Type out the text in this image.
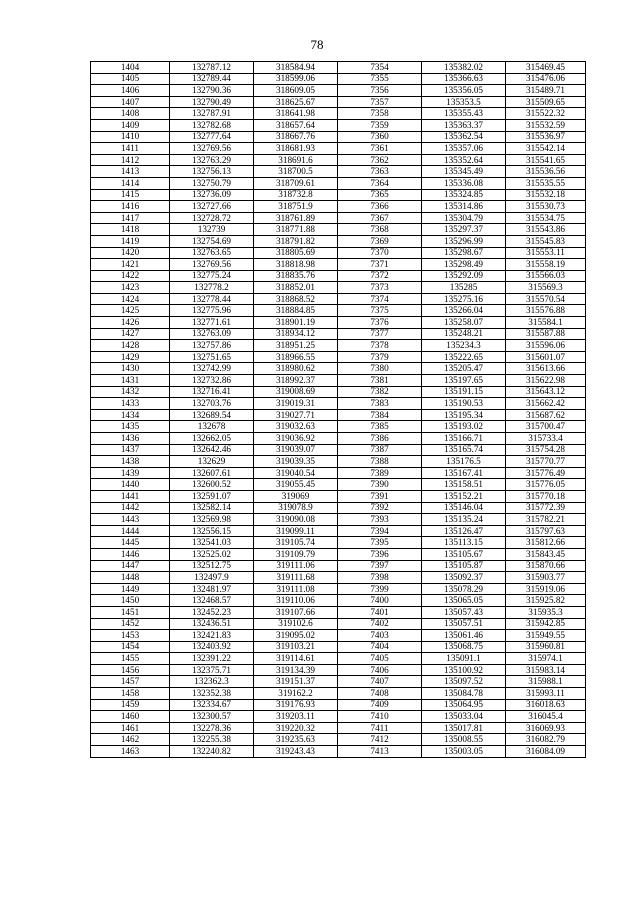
78
1404	132787.12	318584.94	7354	135382.02	315469.45
1405	132789.44	318599.06	7355	135366.63	315476.06
1406	132790.36	318609.05	7356	135356.05	315489.71
1407	132790.49	318625.67	7357	135353.5	315509.65
1408	132787.91	318641.98	7358	135355.43	315522.32
1409	132782.68	318657.64	7359	135363.37	315532.59
1410	132777.64	318667.76	7360	135362.54	315536.97
1411	132769.56	318681.93	7361	135357.06	315542.14
1412	132763.29	318691.6	7362	135352.64	315541.65
1413	132756.13	318700.5	7363	135345.49	315536.56
1414	132750.79	318709.61	7364	135336.08	315535.55
1415	132736.09	318732.8	7365	135324.85	315532.18
1416	132727.66	318751.9	7366	135314.86	315530.73
1417	132728.72	318761.89	7367	135304.79	315534.75
1418	132739	318771.88	7368	135297.37	315543.86
1419	132754.69	318791.82	7369	135296.99	315545.83
1420	132763.65	318805.69	7370	135298.67	315553.11
1421	132769.56	318818.98	7371	135298.49	315558.19
1422	132775.24	318835.76	7372	135292.09	315566.03
1423	132778.2	318852.01	7373	135285	315569.3
1424	132778.44	318868.52	7374	135275.16	315570.54
1425	132775.96	318884.85	7375	135266.04	315576.88
1426	132771.61	318901.19	7376	135258.07	315584.1
1427	132763.09	318934.12	7377	135248.21	315587.88
1428	132757.86	318951.25	7378	135234.3	315596.06
1429	132751.65	318966.55	7379	135222.65	315601.07
1430	132742.99	318980.62	7380	135205.47	315613.66
1431	132732.86	318992.37	7381	135197.65	315622.98
1432	132716.41	319008.69	7382	135191.15	315643.12
1433	132703.76	319019.31	7383	135190.53	315662.42
1434	132689.54	319027.71	7384	135195.34	315687.62
1435	132678	319032.63	7385	135193.02	315700.47
1436	132662.05	319036.92	7386	135166.71	315733.4
1437	132642.46	319039.07	7387	135165.74	315754.28
1438	132629	319039.35	7388	135176.5	315770.77
1439	132607.61	319040.54	7389	135167.41	315776.49
1440	132600.52	319055.45	7390	135158.51	315776.05
1441	132591.07	319069	7391	135152.21	315770.18
1442	132582.14	319078.9	7392	135146.04	315772.39
1443	132569.98	319090.08	7393	135135.24	315782.21
1444	132556.15	319099.11	7394	135126.47	315797.63
1445	132541.03	319105.74	7395	135113.15	315812.66
1446	132525.02	319109.79	7396	135105.67	315843.45
1447	132512.75	319111.06	7397	135105.87	315870.66
1448	132497.9	319111.68	7398	135092.37	315903.77
1449	132481.97	319111.08	7399	135078.29	315919.06
1450	132468.57	319110.06	7400	135065.05	315925.82
1451	132452.23	319107.66	7401	135057.43	315935.3
1452	132436.51	319102.6	7402	135057.51	315942.85
1453	132421.83	319095.02	7403	135061.46	315949.55
1454	132403.92	319103.21	7404	135068.75	315960.81
1455	132391.22	319114.61	7405	135091.1	315974.1
1456	132375.71	319134.39	7406	135100.92	315983.14
1457	132362.3	319151.37	7407	135097.52	315988.1
1458	132352.38	319162.2	7408	135084.78	315993.11
1459	132334.67	319176.93	7409	135064.95	316018.63
1460	132300.57	319203.11	7410	135033.04	316045.4
1461	132278.36	319220.32	7411	135017.81	316069.93
1462	132255.38	319235.63	7412	135008.55	316082.79
1463	132240.82	319243.43	7413	135003.05	316084.09
